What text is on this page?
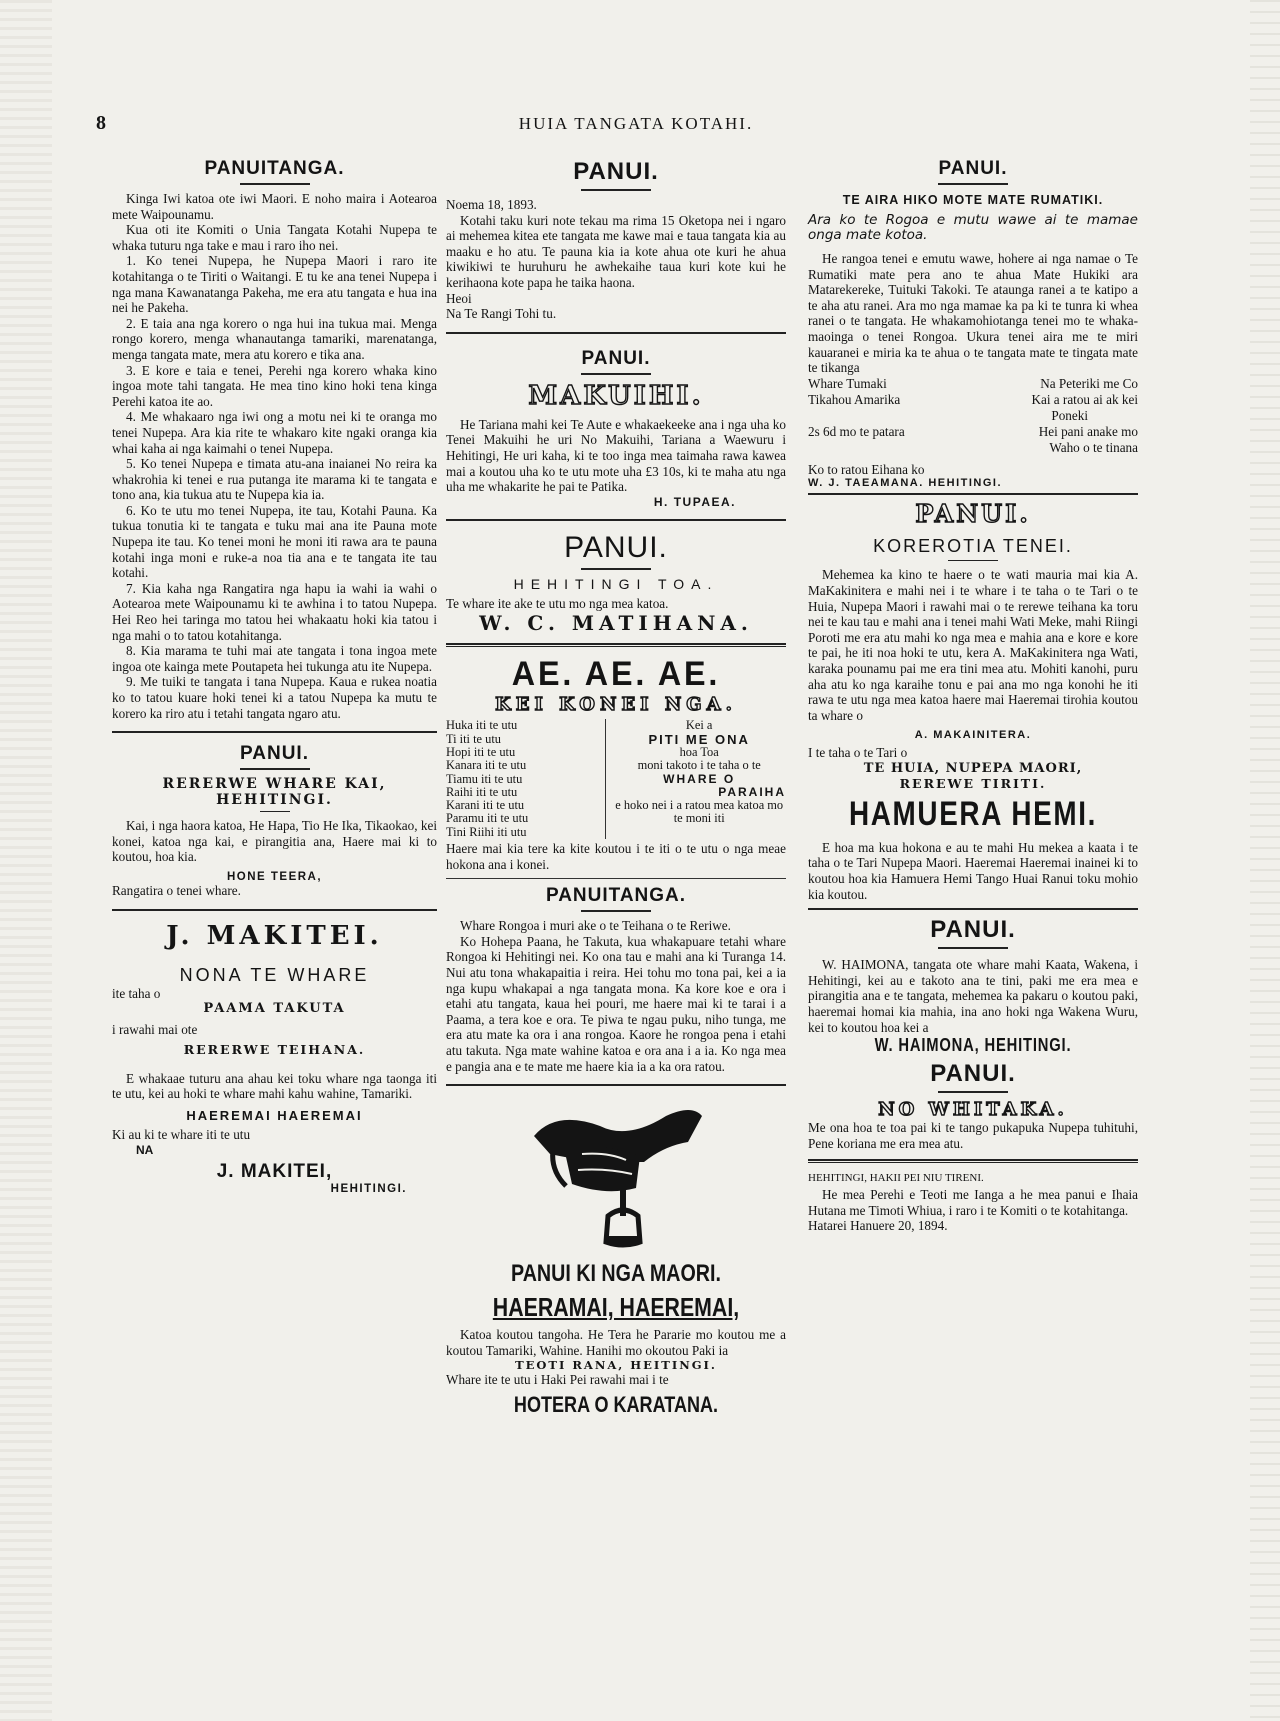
8	HUIA TANGATA KOTAHI.
PANUITANGA.

Kinga Iwi katoa ote iwi Maori. E noho maira i Aotearoa mete Waipounamu.

Kua oti ite Komiti o Unia Tangata Kotahi Nupepa te whaka tuturu nga take e mau i raro iho nei.

1. Ko tenei Nupepa, he Nupepa Maori i raro ite kotahitanga o te Tiriti o Waitangi. E tu ke ana tenei Nupepa i nga mana Kawanatanga Pakeha, me era atu tangata e hua ina nei he Pakeha.

2. E taia ana nga korero o nga hui ina tukua mai. Menga rongo korero, menga whanautanga tamariki, marenatanga, menga tangata mate, mera atu korero e tika ana.

3. E kore e taia e tenei, Perehi nga korero whaka kino ingoa mote tahi tangata. He mea tino kino hoki tena kinga Perehi katoa ite ao.

4. Me whakaaro nga iwi ong a motu nei ki te oranga mo tenei Nupepa. Ara kia rite te whakaro kite ngaki oranga kia whai kaha ai nga kaimahi o tenei Nupepa.

5. Ko tenei Nupepa e timata atu-ana inaianei No reira ka whakrohia ki tenei e rua putanga ite marama ki te tangata e tono ana, kia tukua atu te Nupepa kia ia.

6. Ko te utu mo tenei Nupepa, ite tau, Kotahi Pauna. Ka tukua tonutia ki te tangata e tuku mai ana ite Pauna mote Nupepa ite tau. Ko tenei moni he moni iti rawa ara te pauna kotahi inga moni e ruke-a noa tia ana e te tangata ite tau kotahi.

7. Kia kaha nga Rangatira nga hapu ia wahi ia wahi o Aotearoa mete Waipounamu ki te awhina i to tatou Nupepa. Hei Reo hei taringa mo tatou hei whakaatu hoki kia tatou i nga mahi o to tatou kotahitanga.

8. Kia marama te tuhi mai ate tangata i tona ingoa mete ingoa ote kainga mete Poutapeta hei tukunga atu ite Nupepa.

9. Me tuiki te tangata i tana Nupepa. Kaua e rukea noatia ko to tatou kuare hoki tenei ki a tatou Nupepa ka mutu te korero ka riro atu i tetahi tangata ngaro atu.

PANUI.
RERERWE WHARE KAI,
HEHITINGI.

Kai, i nga haora katoa, He Hapa, Tio He Ika, Tikaokao, kei konei, katoa nga kai, e pirangitia ana, Haere mai ki to koutou, hoa kia.

HONE TEERA,

Rangatira o tenei whare.

J. MAKITEI.
NONA TE WHARE

ite taha o

PAAMA TAKUTA

i rawahi mai ote

RERERWE TEIHANA.

E whakaae tuturu ana ahau kei toku whare nga taonga iti te utu, kei au hoki te whare mahi kahu wahine, Tamariki.

HAEREMAI HAEREMAI

Ki au ki te whare iti te utu

NA
J. MAKITEI,
HEHITINGI.
PANUI.

Noema 18, 1893.

Kotahi taku kuri note tekau ma rima 15 Oketopa nei i ngaro ai mehemea kitea ete tangata me kawe mai e taua tangata kia au maaku e ho atu. Te pauna kia ia kote ahua ote kuri he ahua kiwikiwi te huruhuru he awhekaihe taua kuri kote kui he kerihaona kote papa he taika haona.

Heoi

Na Te Rangi Tohi tu.

PANUI.
MAKUIHI.

He Tariana mahi kei Te Aute e whakaekeeke ana i nga uha ko Tenei Makuihi he uri No Makuihi, Tariana a Waewuru i Hehitingi, He uri kaha, ki te too inga mea taimaha rawa kawea mai a koutou uha ko te utu mote uha £3 10s, ki te maha atu nga uha me whakarite he pai te Patika.

H. TUPAEA.
PANUI.
HEHITINGI TOA.

Te whare ite ake te utu mo nga mea katoa.

W. C. MATIHANA.
AE. AE. AE.
KEI KONEI NGA.
Huka iti te utu
Ti iti te utu
Hopi iti te utu
Kanara iti te utu
Tiamu iti te utu
Raihi iti te utu
Karani iti te utu
Paramu iti te utu
Tini Riihi iti utu
Kei a
PITI ME ONA
hoa Toa
moni takoto i te taha o te
WHARE O
PARAIHA
e hoko nei i a ratou mea katoa mo te moni iti

Haere mai kia tere ka kite koutou i te iti o te utu o nga meae hokona ana i konei.

PANUITANGA.

Whare Rongoa i muri ake o te Teihana o te Reriwe.

Ko Hohepa Paana, he Takuta, kua whakapuare tetahi whare Rongoa ki Hehitingi nei. Ko ona tau e mahi ana ki Turanga 14. Nui atu tona whakapaitia i reira. Hei tohu mo tona pai, kei a ia nga kupu whakapai a nga tangata mona. Ka kore koe e ora i etahi atu tangata, kaua hei pouri, me haere mai ki te tarai i a Paama, a tera koe e ora. Te piwa te ngau puku, niho tunga, me era atu mate ka ora i ana rongoa. Kaore he rongoa pena i etahi atu takuta. Nga mate wahine katoa e ora ana i a ia. Ko nga mea e pangia ana e te mate me haere kia ia a ka ora ratou.

PANUI KI NGA MAORI.
HAERAMAI, HAEREMAI,

Katoa koutou tangoha. He Tera he Pararie mo koutou me a koutou Tamariki, Wahine. Hanihi mo okoutou Paki ia

TEOTI RANA, HEITINGI.

Whare ite te utu i Haki Pei rawahi mai i te

HOTERA O KARATANA.
PANUI.
TE AIRA HIKO MOTE MATE RUMATIKI.

Ara ko te Rogoa e mutu wawe ai te mamae onga mate kotoa.

He rangoa tenei e emutu wawe, hohere ai nga namae o Te Rumatiki mate pera ano te ahua Mate Hukiki ara Matarekereke, Tuituki Takoki. Te ataunga ranei a te katipo a te aha atu ranei. Ara mo nga mamae ka pa ki te tunra ki whea ranei o te tangata. He whakamohiotanga tenei mo te whaka-maoinga o tenei Rongoa. Ukura tenei aira me te miri kauaranei e miria ka te ahua o te tangata mate te tingata mate te tikanga

Whare Tumaki	Na Peteriki me Co
Tikahou Amarika	Kai a ratou ai ak kei
Poneki
2s 6d mo te patara	Hei pani anake mo
Waho o te tinana

Ko to ratou Eihana ko

W. J. TAEAMANA. HEHITINGI.
PANUI.
KOREROTIA TENEI.

Mehemea ka kino te haere o te wati mauria mai kia A. MaKakinitera e mahi nei i te whare i te taha o te Tari o te Huia, Nupepa Maori i rawahi mai o te rerewe teihana ka toru nei te kau tau e mahi ana i tenei mahi Wati Meke, mahi Riingi Poroti me era atu mahi ko nga mea e mahia ana e kore e kore te pai, he iti noa hoki te utu, kera A. MaKakinitera nga Wati, karaka pounamu pai me era tini mea atu. Mohiti kanohi, puru aha atu ko nga karaihe tonu e pai ana mo nga konohi he iti rawa te utu nga mea katoa haere mai Haeremai tirohia koutou ta whare o

A. MAKAINITERA.

I te taha o te Tari o

TE HUIA, NUPEPA MAORI,
REREWE TIRITI.
HAMUERA HEMI.

E hoa ma kua hokona e au te mahi Hu mekea a kaata i te taha o te Tari Nupepa Maori. Haeremai Haeremai inainei ki to koutou hoa kia Hamuera Hemi Tango Huai Ranui toku mohio kia koutou.

PANUI.

W. HAIMONA, tangata ote whare mahi Kaata, Wakena, i Hehitingi, kei au e takoto ana te tini, paki me era mea e pirangitia ana e te tangata, mehemea ka pakaru o koutou paki, haeremai homai kia mahia, ina ano hoki nga Wakena Wuru, kei to koutou hoa kei a

W. HAIMONA, HEHITINGI.
PANUI.
NO WHITAKA.

Me ona hoa te toa pai ki te tango pukapuka Nupepa tuhituhi, Pene koriana me era mea atu.

HEHITINGI, HAKII PEI NIU TIRENI.

He mea Perehi e Teoti me Ianga a he mea panui e Ihaia Hutana me Timoti Whiua, i raro i te Komiti o te kotahitanga.

Hatarei Hanuere 20, 1894.
